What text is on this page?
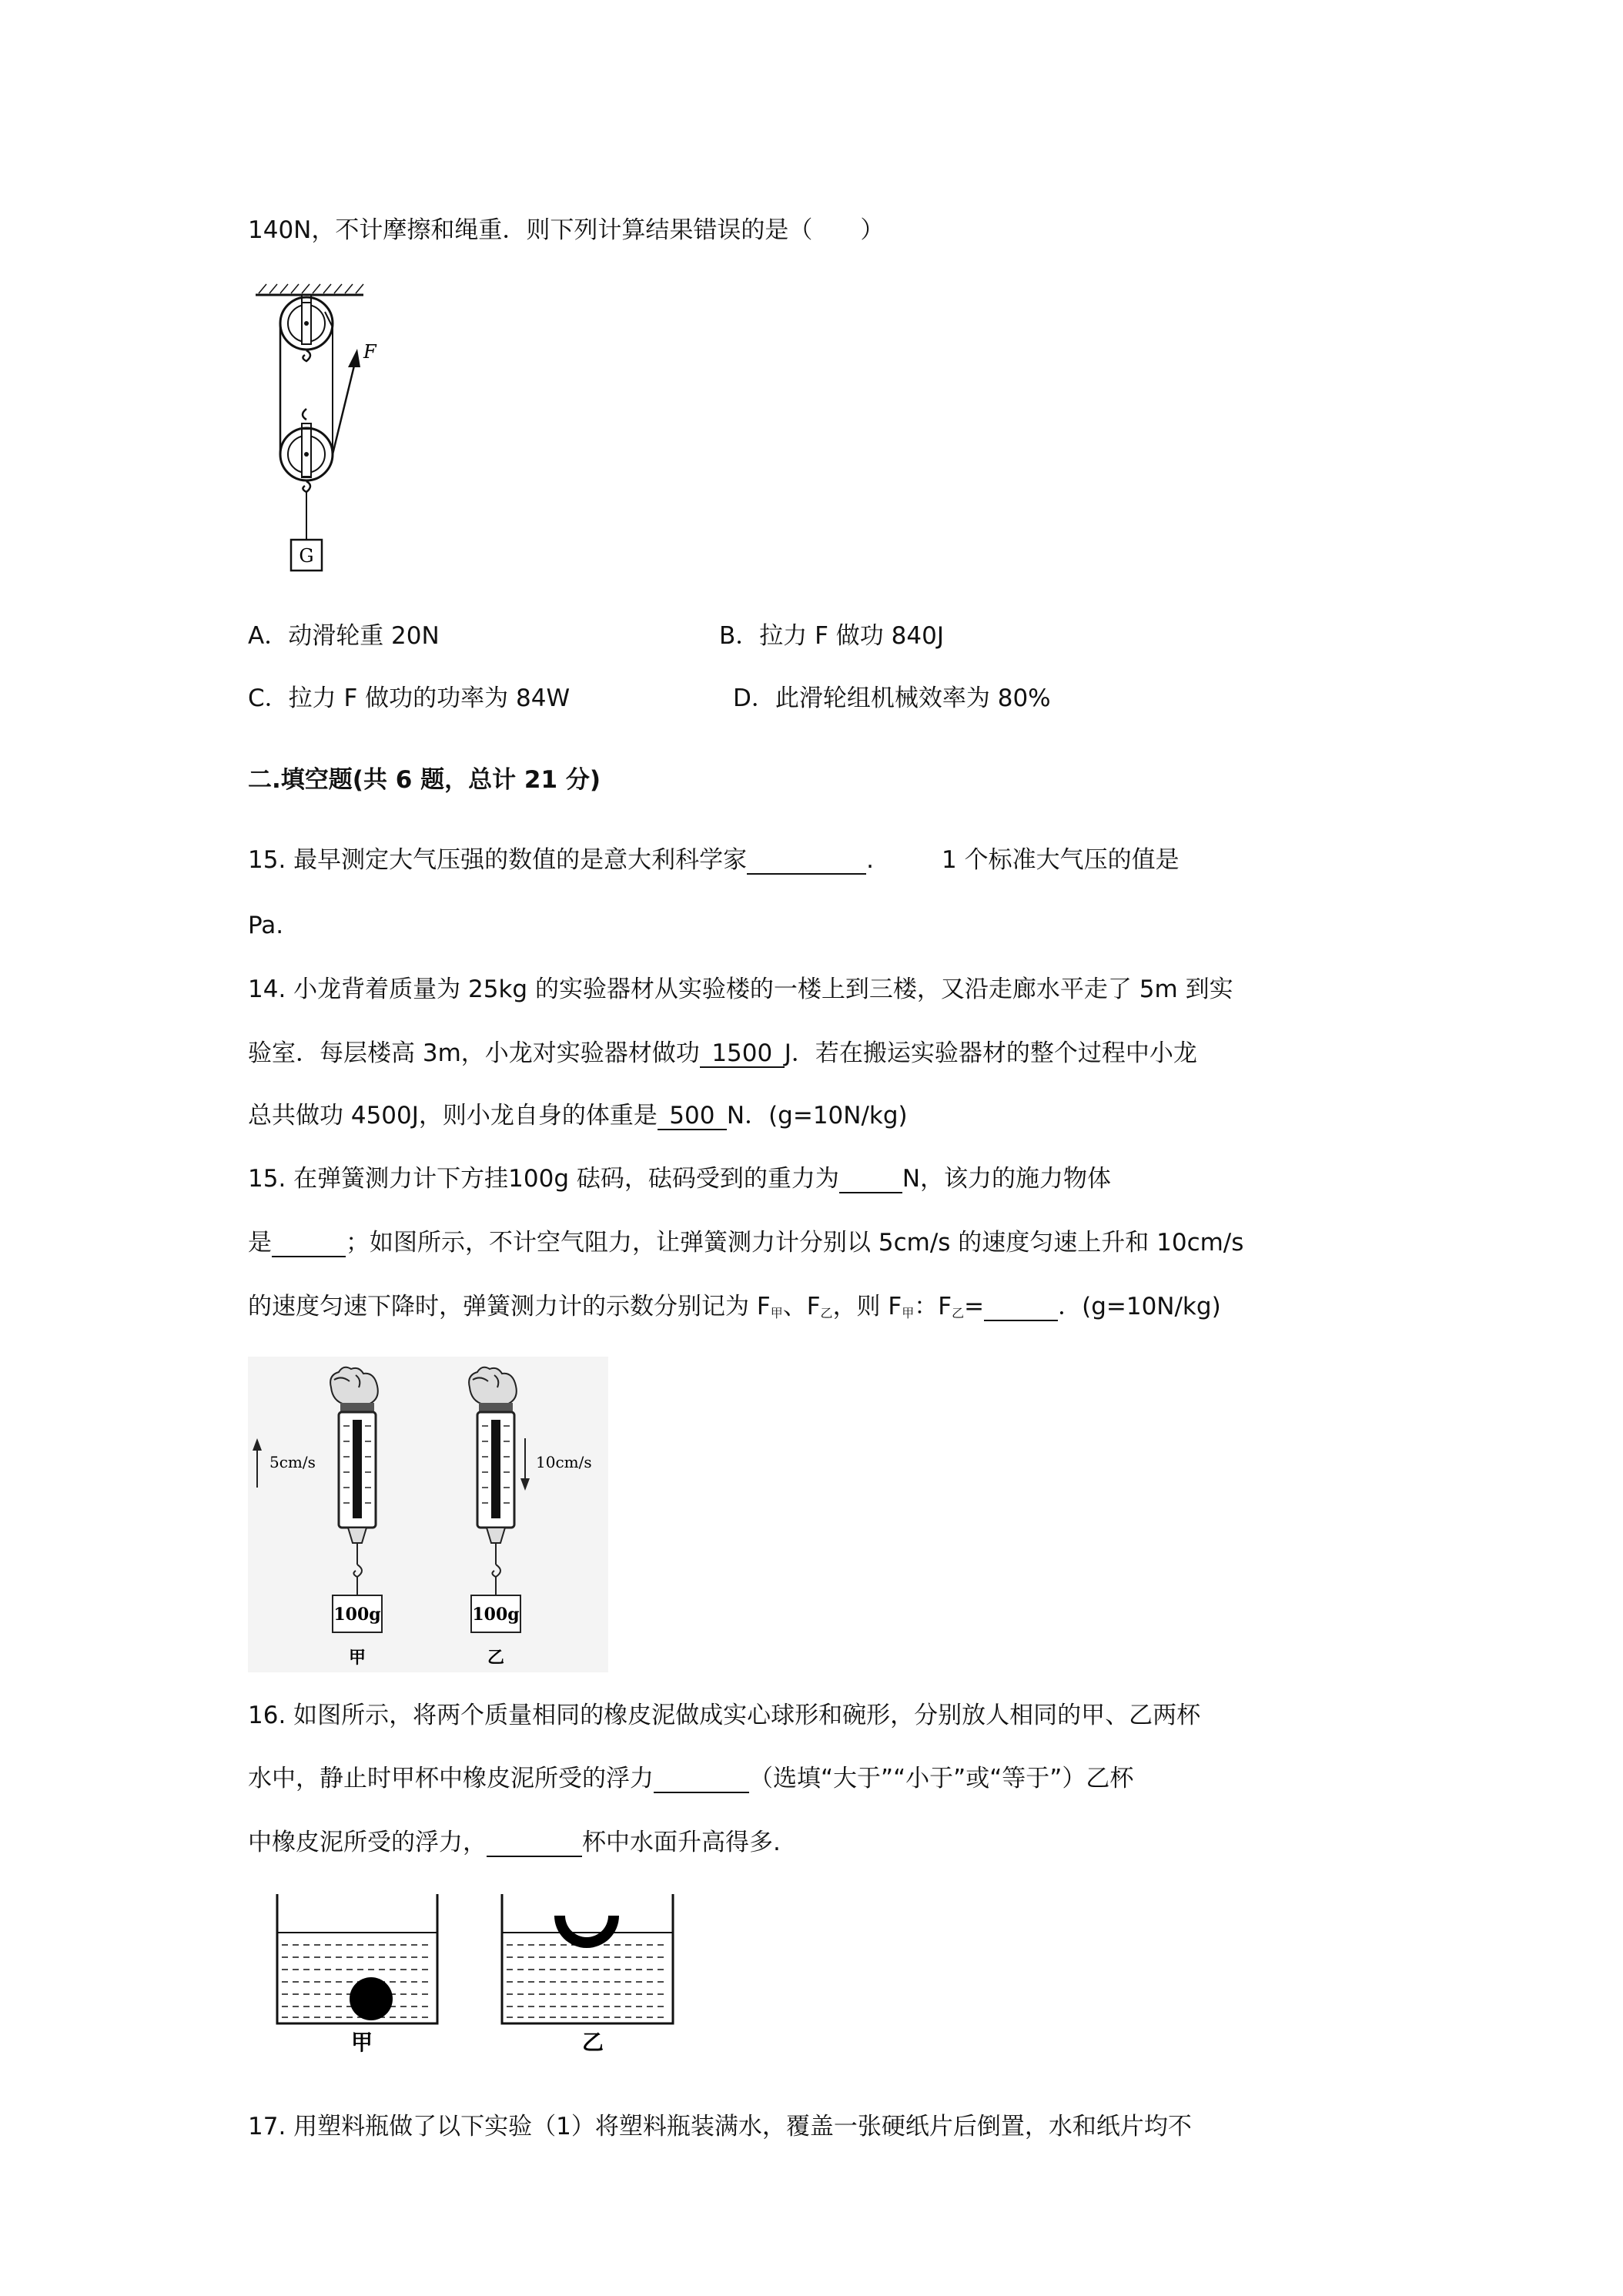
140N，不计摩擦和绳重．则下列计算结果错误的是（　　）
F
G
A．动滑轮重 20N	B．拉力 F 做功 840J
C．拉力 F 做功的功率为 84W	D．此滑轮组机械效率为 80%
二.填空题(共 6 题，总计 21 分)
15. 最早测定大气压强的数值的是意大利科学家	.	1 个标准大气压的值是
Pa.
14. 小龙背着质量为 25kg 的实验器材从实验楼的一楼上到三楼，又沿走廊水平走了 5m 到实
验室．每层楼高 3m，小龙对实验器材做功 1500 J．若在搬运实验器材的整个过程中小龙
总共做功 4500J，则小龙自身的体重是 500 N．(g=10N/kg)
15. 在弹簧测力计下方挂100g 砝码，砝码受到的重力为	N，该力的施力物体
是	；如图所示，不计空气阻力，让弹簧测力计分别以 5cm/s 的速度匀速上升和 10cm/s
的速度匀速下降时，弹簧测力计的示数分别记为 $F_甲$、$F_乙$，则 $F_甲$：$F_乙=$	．(g=10N/kg)
100g
甲
5cm/s
100g
乙
10cm/s
16. 如图所示，将两个质量相同的橡皮泥做成实心球形和碗形，分别放人相同的甲、乙两杯
水中，静止时甲杯中橡皮泥所受的浮力	（选填“大于”“小于”或“等于”）乙杯
中橡皮泥所受的浮力，	杯中水面升高得多.
甲	乙
17. 用塑料瓶做了以下实验（1）将塑料瓶装满水，覆盖一张硬纸片后倒置，水和纸片均不
